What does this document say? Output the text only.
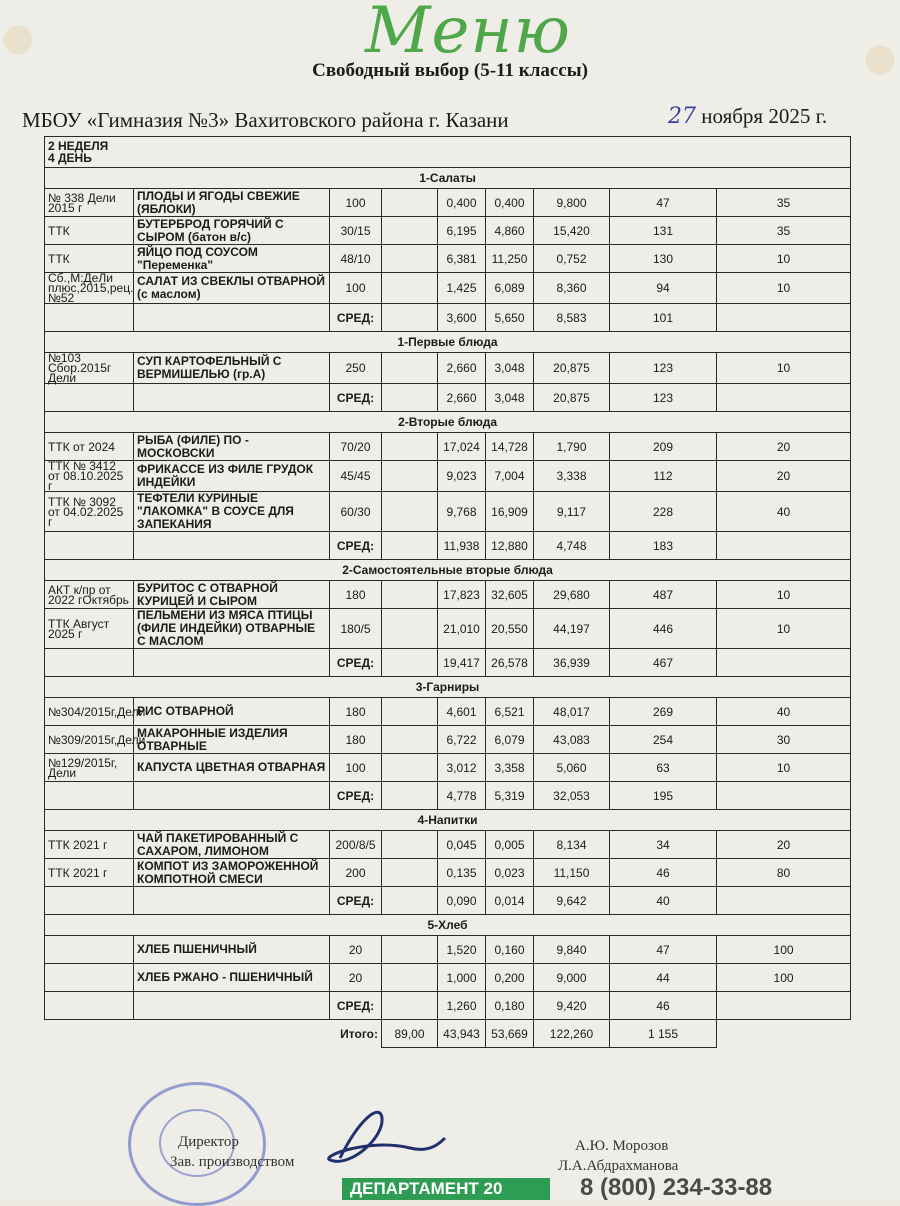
Меню
Свободный выбор (5-11 классы)
МБОУ «Гимназия №3» Вахитовского района г. Казани	27 ноября 2025 г.
2 НЕДЕЛЯ
4 ДЕНЬ								

1-Салаты								
№ 338 Дели 2015 г	ПЛОДЫ И ЯГОДЫ СВЕЖИЕ (ЯБЛОКИ)	100		0,400	0,400	9,800	47	35
ТТК	БУТЕРБРОД ГОРЯЧИЙ С СЫРОМ (батон в/с)	30/15		6,195	4,860	15,420	131	35
ТТК	ЯЙЦО ПОД СОУСОМ "Переменка"	48/10		6,381	11,250	0,752	130	10
Сб.,М:ДеЛи плюс,2015,рец.№52	САЛАТ ИЗ СВЕКЛЫ ОТВАРНОЙ (с маслом)	100		1,425	6,089	8,360	94	10
		СРЕД:		3,600	5,650	8,583	101	
1-Первые блюда								
№103 Сбор.2015г Дели	СУП КАРТОФЕЛЬНЫЙ С ВЕРМИШЕЛЬЮ (гр.А)	250		2,660	3,048	20,875	123	10
		СРЕД:		2,660	3,048	20,875	123	
2-Вторые блюда								
ТТК от 2024	РЫБА (ФИЛЕ) ПО - МОСКОВСКИ	70/20		17,024	14,728	1,790	209	20
ТТК № 3412 от 08.10.2025 г	ФРИКАССЕ ИЗ ФИЛЕ ГРУДОК ИНДЕЙКИ	45/45		9,023	7,004	3,338	112	20
ТТК № 3092 от 04.02.2025 г	ТЕФТЕЛИ КУРИНЫЕ "ЛАКОМКА" В СОУСЕ ДЛЯ ЗАПЕКАНИЯ	60/30		9,768	16,909	9,117	228	40
		СРЕД:		11,938	12,880	4,748	183	
2-Самостоятельные вторые блюда								
АКТ к/пр от 2022 гОктябрь	БУРИТОС С ОТВАРНОЙ КУРИЦЕЙ И СЫРОМ	180		17,823	32,605	29,680	487	10
ТТК Август 2025 г	ПЕЛЬМЕНИ ИЗ МЯСА ПТИЦЫ (ФИЛЕ ИНДЕЙКИ) ОТВАРНЫЕ С МАСЛОМ	180/5		21,010	20,550	44,197	446	10
		СРЕД:		19,417	26,578	36,939	467	
3-Гарниры								
№304/2015г,Дели	РИС ОТВАРНОЙ	180		4,601	6,521	48,017	269	40
№309/2015г,Дели	МАКАРОННЫЕ ИЗДЕЛИЯ ОТВАРНЫЕ	180		6,722	6,079	43,083	254	30
№129/2015г, Дели	КАПУСТА ЦВЕТНАЯ ОТВАРНАЯ	100		3,012	3,358	5,060	63	10
		СРЕД:		4,778	5,319	32,053	195	
4-Напитки								
ТТК 2021 г	ЧАЙ ПАКЕТИРОВАННЫЙ С САХАРОМ, ЛИМОНОМ	200/8/5		0,045	0,005	8,134	34	20
ТТК 2021 г	КОМПОТ ИЗ ЗАМОРОЖЕННОЙ КОМПОТНОЙ СМЕСИ	200		0,135	0,023	11,150	46	80
		СРЕД:		0,090	0,014	9,642	40	
5-Хлеб								
	ХЛЕБ ПШЕНИЧНЫЙ	20		1,520	0,160	9,840	47	100
	ХЛЕБ РЖАНО - ПШЕНИЧНЫЙ	20		1,000	0,200	9,000	44	100
		СРЕД:		1,260	0,180	9,420	46	
		Итого:	89,00	43,943	53,669	122,260	1 155	
Директор
Зав. производством
А.Ю. Морозов
Л.А.Абдрахманова
ДЕПАРТАМЕНТ 20	8 (800) 234-33-88
